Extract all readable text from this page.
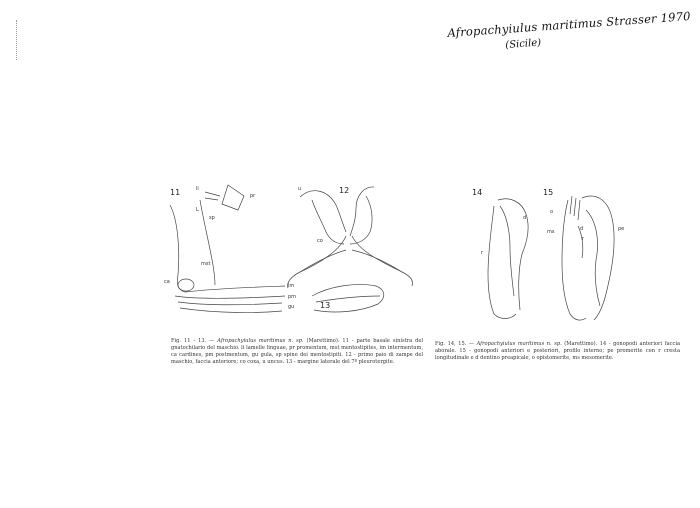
Afropachyiulus maritimus Strasser 1970
(Sicile)
11	12
13
14	15
li
pr
L
sp
mst
ca
im
pm
gu
u
co
d
r
o
ms	d
r
pe
Fig. 11 - 13. — Afropachyiulus maritimus n. sp. (Marettimo). 11 - parte basale sinistra del gnatochilario del maschio. li lamelle linguae, pr promentum, mst mentostipites, im intermentum, ca cardines, pm postmentum, gu gula, sp spine dei mentostipiti. 12 - primo paio di zampe del maschio, faccia anteriore; co coxa, u uncus. 13 - margine laterale del 7º pleurotergite.
Fig. 14, 15. — Afropachyiulus maritimus n. sp. (Marettimo). 14 - gonopodi anteriori faccia aborale. 15 - gonopodi anteriori e posteriori, profilo interno; pe promerite con r cresta longitudinale e d dentino preapicale, o opistomerite, ms mesomerite.
